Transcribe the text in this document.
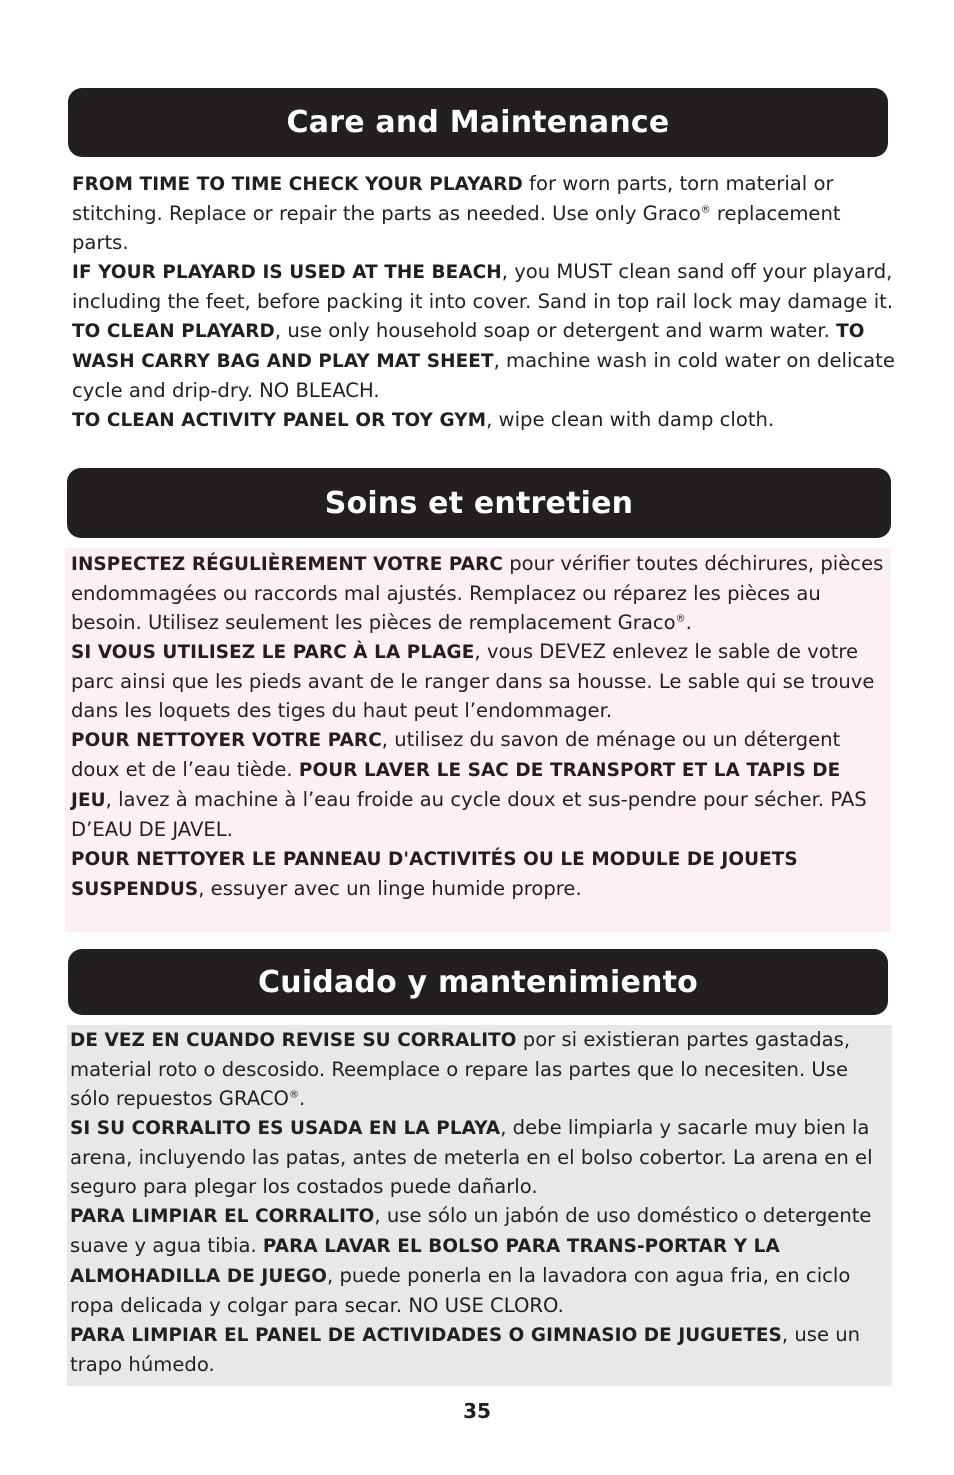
Care and Maintenance

FROM TIME TO TIME CHECK YOUR PLAYARD for worn parts, torn material or stitching. Replace or repair the parts as needed. Use only Graco® replacement parts.

IF YOUR PLAYARD IS USED AT THE BEACH, you MUST clean sand off your playard, including the feet, before packing it into cover. Sand in top rail lock may damage it.

TO CLEAN PLAYARD, use only household soap or detergent and warm water. TO WASH CARRY BAG AND PLAY MAT SHEET, machine wash in cold water on delicate cycle and drip-dry. NO BLEACH.

TO CLEAN ACTIVITY PANEL OR TOY GYM, wipe clean with damp cloth.

Soins et entretien

INSPECTEZ RÉGULIÈREMENT VOTRE PARC pour vérifier toutes déchirures, pièces endommagées ou raccords mal ajustés. Remplacez ou réparez les pièces au besoin. Utilisez seulement les pièces de remplacement Graco®.

SI VOUS UTILISEZ LE PARC À LA PLAGE, vous DEVEZ enlevez le sable de votre parc ainsi que les pieds avant de le ranger dans sa housse. Le sable qui se trouve dans les loquets des tiges du haut peut l’endommager.

POUR NETTOYER VOTRE PARC, utilisez du savon de ménage ou un détergent doux et de l’eau tiède. POUR LAVER LE SAC DE TRANSPORT ET LA TAPIS DE JEU, lavez à machine à l’eau froide au cycle doux et sus-pendre pour sécher. PAS D’EAU DE JAVEL.

POUR NETTOYER LE PANNEAU D'ACTIVITÉS OU LE MODULE DE JOUETS SUSPENDUS, essuyer avec un linge humide propre.

Cuidado y mantenimiento

DE VEZ EN CUANDO REVISE SU CORRALITO por si existieran partes gastadas, material roto o descosido. Reemplace o repare las partes que lo necesiten. Use sólo repuestos GRACO®.

SI SU CORRALITO ES USADA EN LA PLAYA, debe limpiarla y sacarle muy bien la arena, incluyendo las patas, antes de meterla en el bolso cobertor. La arena en el seguro para plegar los costados puede dañarlo.

PARA LIMPIAR EL CORRALITO, use sólo un jabón de uso doméstico o detergente suave y agua tibia. PARA LAVAR EL BOLSO PARA TRANS-PORTAR Y LA ALMOHADILLA DE JUEGO, puede ponerla en la lavadora con agua fria, en ciclo ropa delicada y colgar para secar. NO USE CLORO.

PARA LIMPIAR EL PANEL DE ACTIVIDADES O GIMNASIO DE JUGUETES, use un trapo húmedo.

35
